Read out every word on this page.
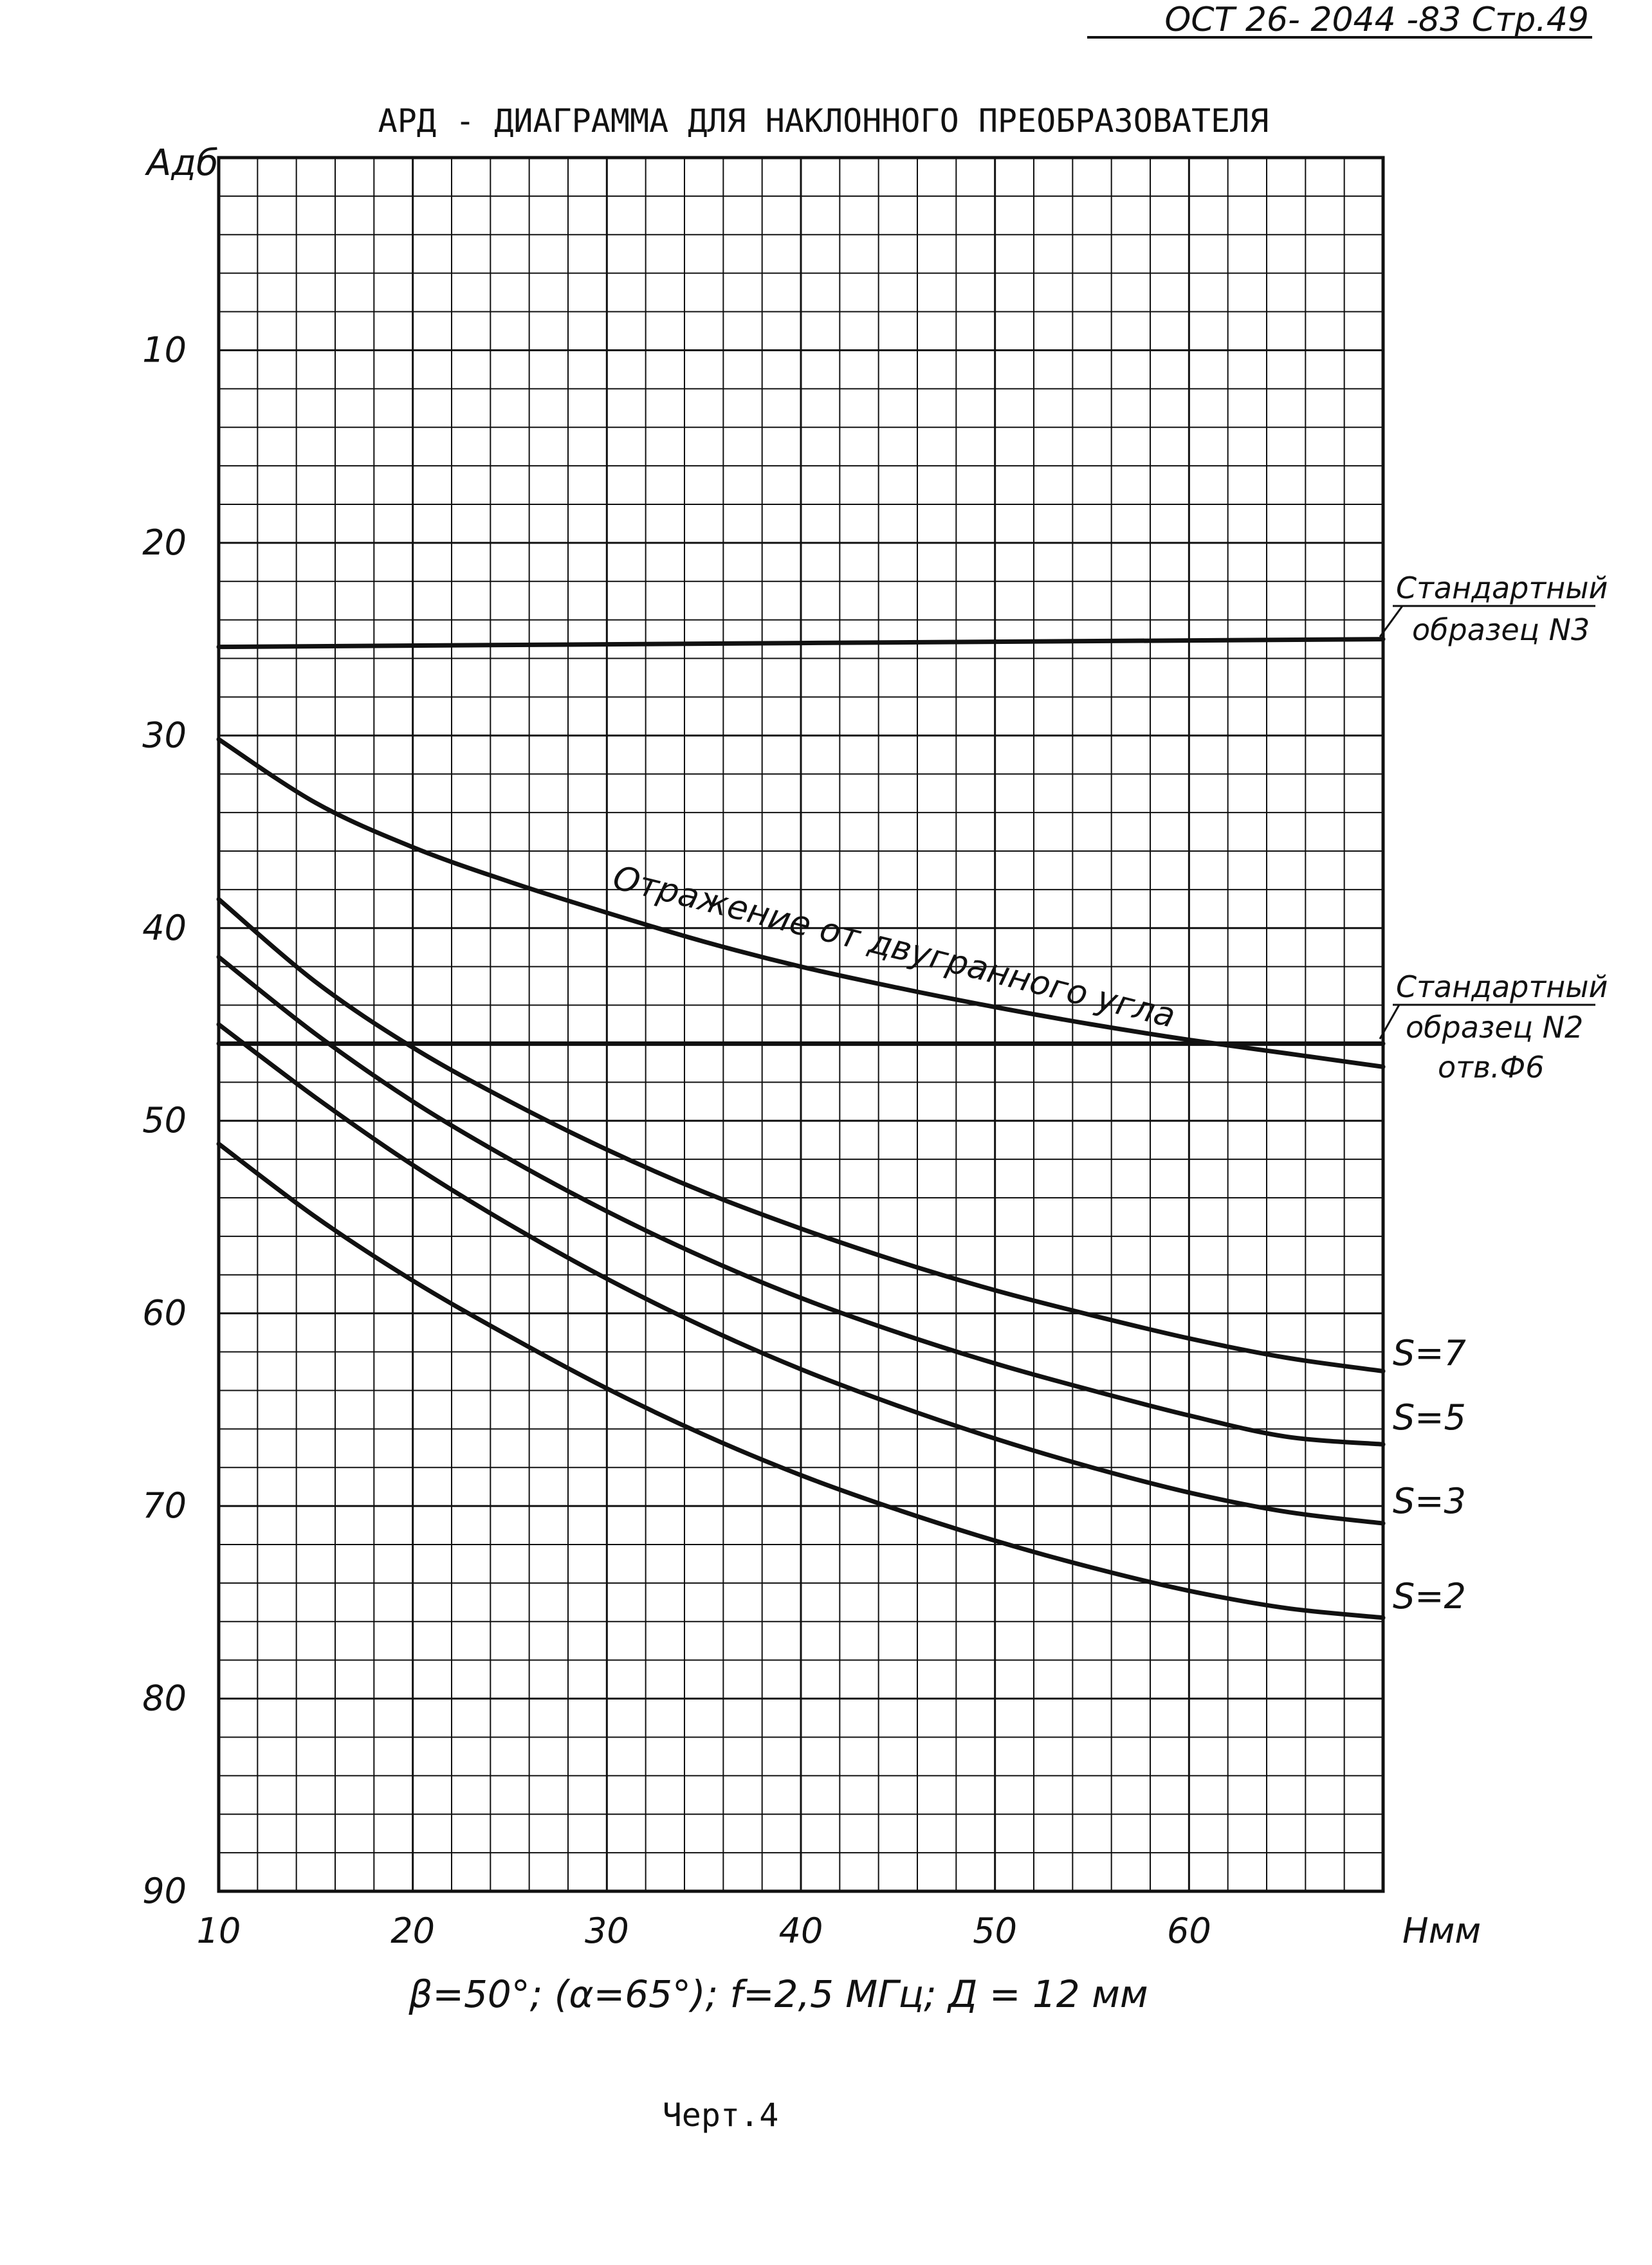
ОСТ 26- 2044 -83 Стр.49
АРД - ДИАГРАММА ДЛЯ НАКЛОННОГО ПРЕОБРАЗОВАТЕЛЯ
Адб
10
20
30
40
50
60
70
80
90
10	20	30	40	50	60	Нмм
Стандартный
образец N3
Стандартный
образец N2
отв.Ф6
Отражение от двугранного угла
S=7
S=5
S=3
S=2
β=50°; (α=65°); f=2,5 МГц; Д = 12 мм
Черт.4
